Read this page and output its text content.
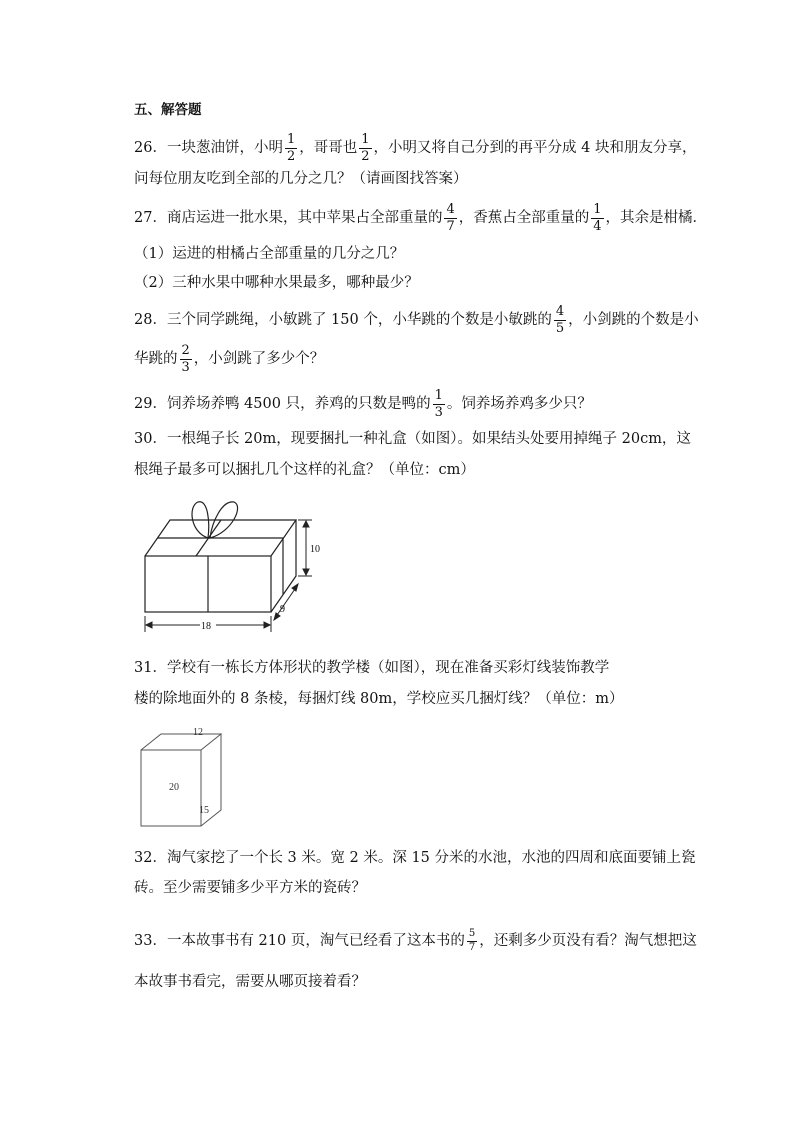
五、解答题
26．一块葱油饼，小明 $\frac{1}{2}$ ，哥哥也 $\frac{1}{2}$ ，小明又将自己分到的再平分成 4 块和朋友分享，
问每位朋友吃到全部的几分之几？（请画图找答案）
27．商店运进一批水果，其中苹果占全部重量的 $\frac{4}{7}$ ，香蕉占全部重量的 $\frac{1}{4}$ ，其余是柑橘．
（1）运进的柑橘占全部重量的几分之几？
（2）三种水果中哪种水果最多，哪种最少？
28．三个同学跳绳，小敏跳了 150 个，小华跳的个数是小敏跳的 $\frac{4}{5}$ ，小剑跳的个数是小
华跳的 $\frac{2}{3}$ ，小剑跳了多少个？
29．饲养场养鸭 4500 只，养鸡的只数是鸭的 $\frac{1}{3}$ 。饲养场养鸡多少只？
30．一根绳子长 20m，现要捆扎一种礼盒（如图）。如果结头处要用掉绳子 20cm，这
根绳子最多可以捆扎几个这样的礼盒？（单位：cm）
10
9
18
31．学校有一栋长方体形状的教学楼（如图），现在准备买彩灯线装饰教学
楼的除地面外的 8 条棱，每捆灯线 80m，学校应买几捆灯线？（单位：m）
12
20
15
32．淘气家挖了一个长 3 米。宽 2 米。深 15 分米的水池，水池的四周和底面要铺上瓷
砖。至少需要铺多少平方米的瓷砖？
33．一本故事书有 210 页，淘气已经看了这本书的 $\frac{5}{7}$ ，还剩多少页没有看？淘气想把这
本故事书看完，需要从哪页接着看？
